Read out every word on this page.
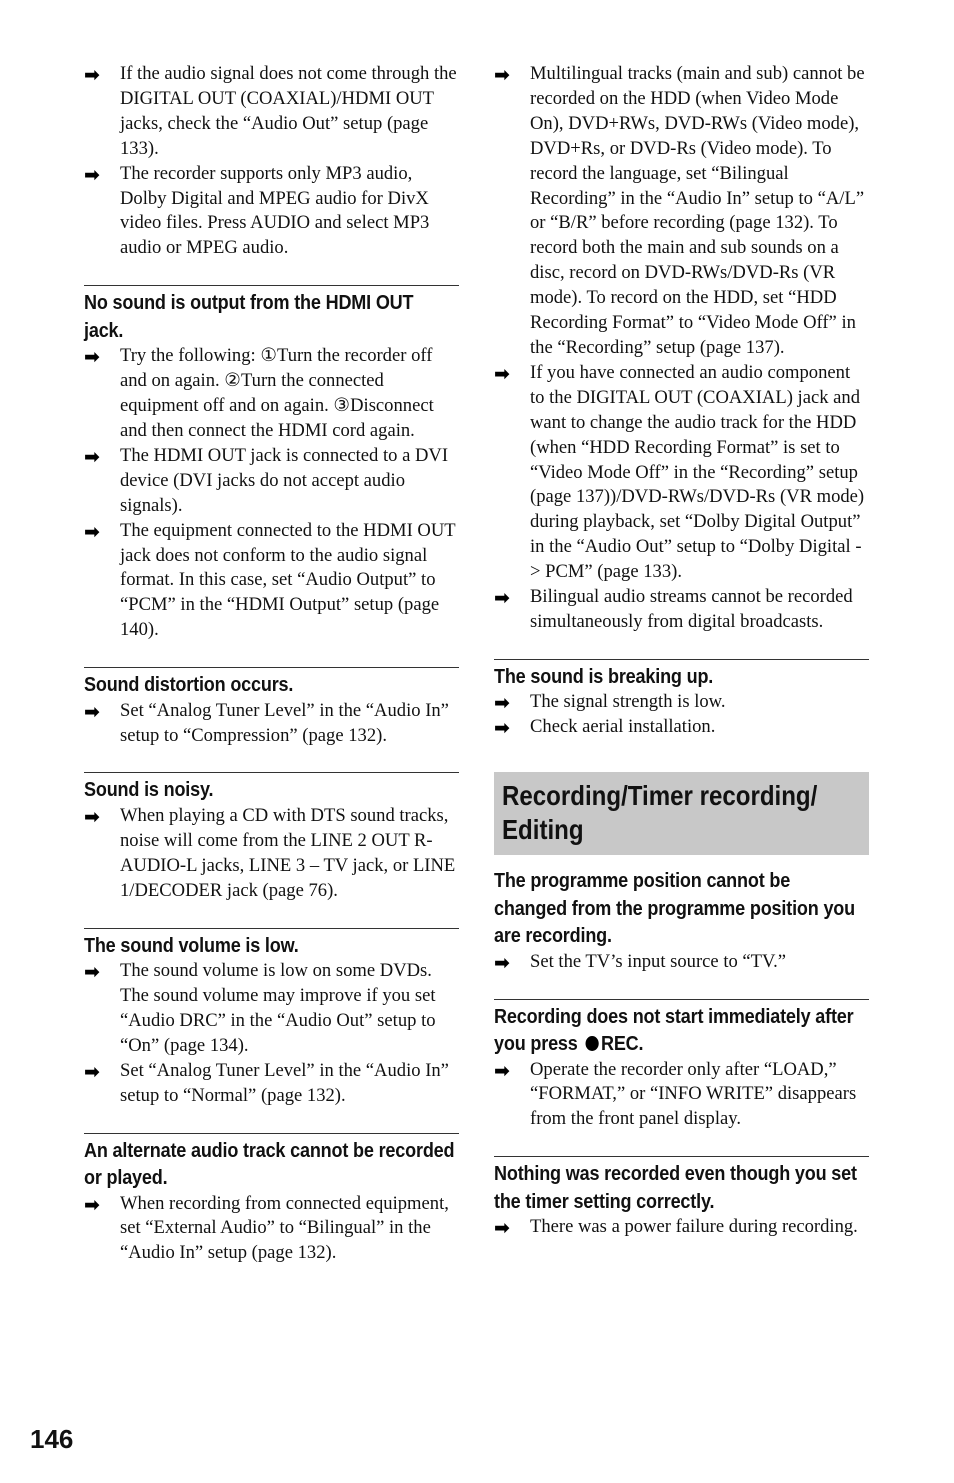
➡ If the audio signal does not come through the DIGITAL OUT (COAXIAL)/HDMI OUT jacks, check the “Audio Out” setup (page 133).
➡ The recorder supports only MP3 audio, Dolby Digital and MPEG audio for DivX video files. Press AUDIO and select MP3 audio or MPEG audio.
No sound is output from the HDMI OUT jack.
➡ Try the following: ①Turn the recorder off and on again. ②Turn the connected equipment off and on again. ③Disconnect and then connect the HDMI cord again.
➡ The HDMI OUT jack is connected to a DVI device (DVI jacks do not accept audio signals).
➡ The equipment connected to the HDMI OUT jack does not conform to the audio signal format. In this case, set “Audio Output” to “PCM” in the “HDMI Output” setup (page 140).
Sound distortion occurs.
➡ Set “Analog Tuner Level” in the “Audio In” setup to “Compression” (page 132).
Sound is noisy.
➡ When playing a CD with DTS sound tracks, noise will come from the LINE 2 OUT R-AUDIO-L jacks, LINE 3 – TV jack, or LINE 1/DECODER jack (page 76).
The sound volume is low.
➡ The sound volume is low on some DVDs. The sound volume may improve if you set “Audio DRC” in the “Audio Out” setup to “On” (page 134).
➡ Set “Analog Tuner Level” in the “Audio In” setup to “Normal” (page 132).
An alternate audio track cannot be recorded or played.
➡ When recording from connected equipment, set “External Audio” to “Bilingual” in the “Audio In” setup (page 132).
➡ Multilingual tracks (main and sub) cannot be recorded on the HDD (when Video Mode On), DVD+RWs, DVD-RWs (Video mode), DVD+Rs, or DVD-Rs (Video mode). To record the language, set “Bilingual Recording” in the “Audio In” setup to “A/L” or “B/R” before recording (page 132). To record both the main and sub sounds on a disc, record on DVD-RWs/DVD-Rs (VR mode). To record on the HDD, set “HDD Recording Format” to “Video Mode Off” in the “Recording” setup (page 137).
➡ If you have connected an audio component to the DIGITAL OUT (COAXIAL) jack and want to change the audio track for the HDD (when “HDD Recording Format” is set to “Video Mode Off” in the “Recording” setup (page 137))/DVD-RWs/DVD-Rs (VR mode) during playback, set “Dolby Digital Output” in the “Audio Out” setup to “Dolby Digital -> PCM” (page 133).
➡ Bilingual audio streams cannot be recorded simultaneously from digital broadcasts.
The sound is breaking up.
➡ The signal strength is low.
➡ Check aerial installation.
Recording/Timer recording/ Editing
The programme position cannot be changed from the programme position you are recording.
➡ Set the TV’s input source to “TV.”
Recording does not start immediately after you press REC.
➡ Operate the recorder only after “LOAD,” “FORMAT,” or “INFO WRITE” disappears from the front panel display.
Nothing was recorded even though you set the timer setting correctly.
➡ There was a power failure during recording.
146
